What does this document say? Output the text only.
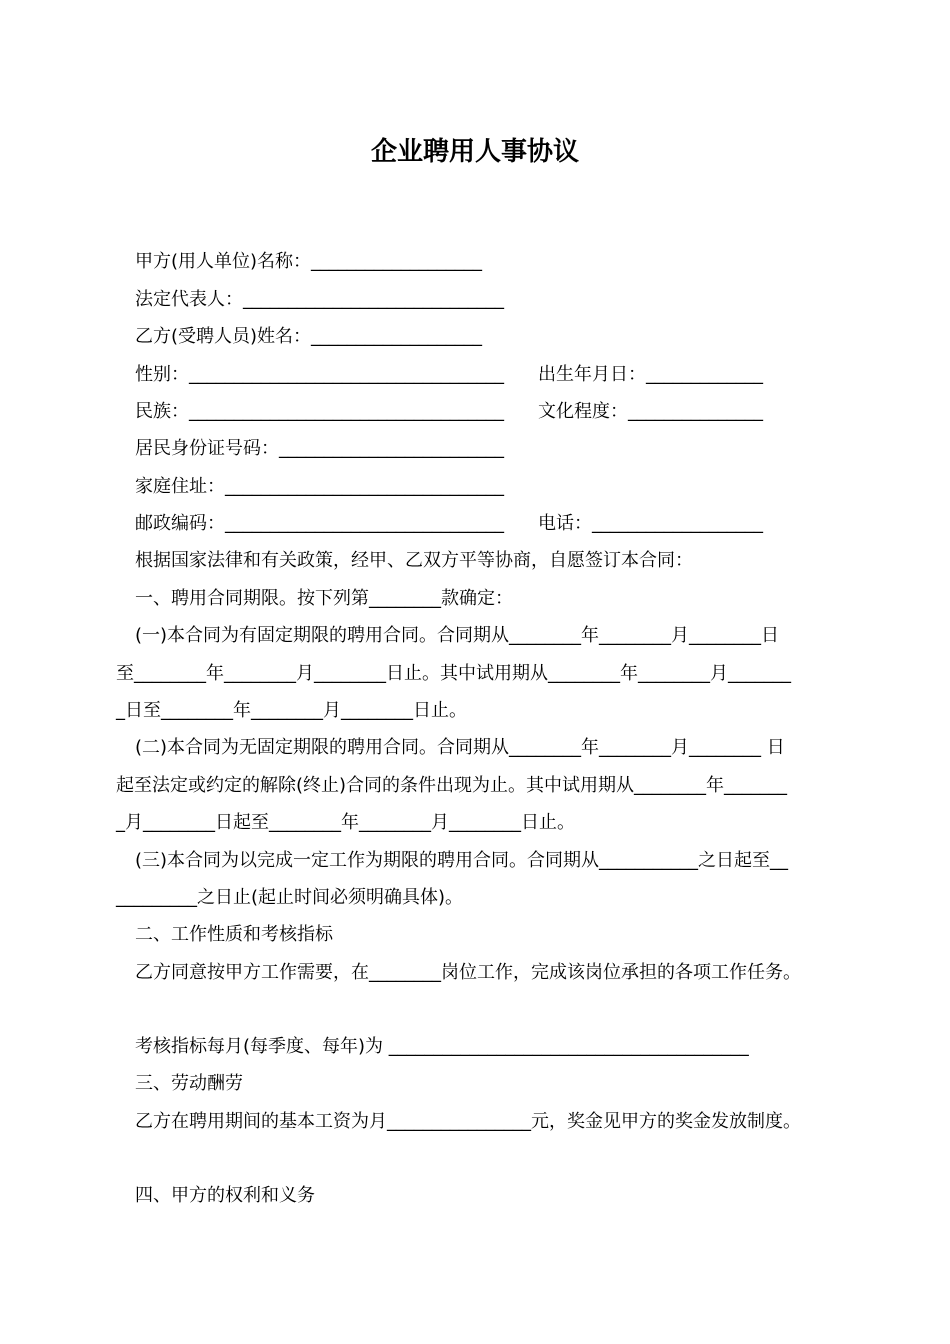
企业聘用人事协议
甲方(用人单位)名称：___________________
法定代表人：_____________________________
乙方(受聘人员)姓名：___________________
性别：___________________________________ 出生年月日：_____________
民族：___________________________________ 文化程度：_______________
居民身份证号码：_________________________
家庭住址：_______________________________
邮政编码：_______________________________ 电话：___________________
根据国家法律和有关政策，经甲、乙双方平等协商，自愿签订本合同：
一、聘用合同期限。按下列第________款确定：
(一)本合同为有固定期限的聘用合同。合同期从________年________月________日
至________年________月________日止。其中试用期从________年________月_______
_日至________年________月________日止。
(二)本合同为无固定期限的聘用合同。合同期从________年________月________ 日
起至法定或约定的解除(终止)合同的条件出现为止。其中试用期从________年_______
_月________日起至________年________月________日止。
(三)本合同为以完成一定工作为期限的聘用合同。合同期从___________之日起至__
_________之日止(起止时间必须明确具体)。
二、工作性质和考核指标
乙方同意按甲方工作需要，在________岗位工作，完成该岗位承担的各项工作任务。
考核指标每月(每季度、每年)为 ________________________________________
三、劳动酬劳
乙方在聘用期间的基本工资为月________________元，奖金见甲方的奖金发放制度。
四、甲方的权利和义务
